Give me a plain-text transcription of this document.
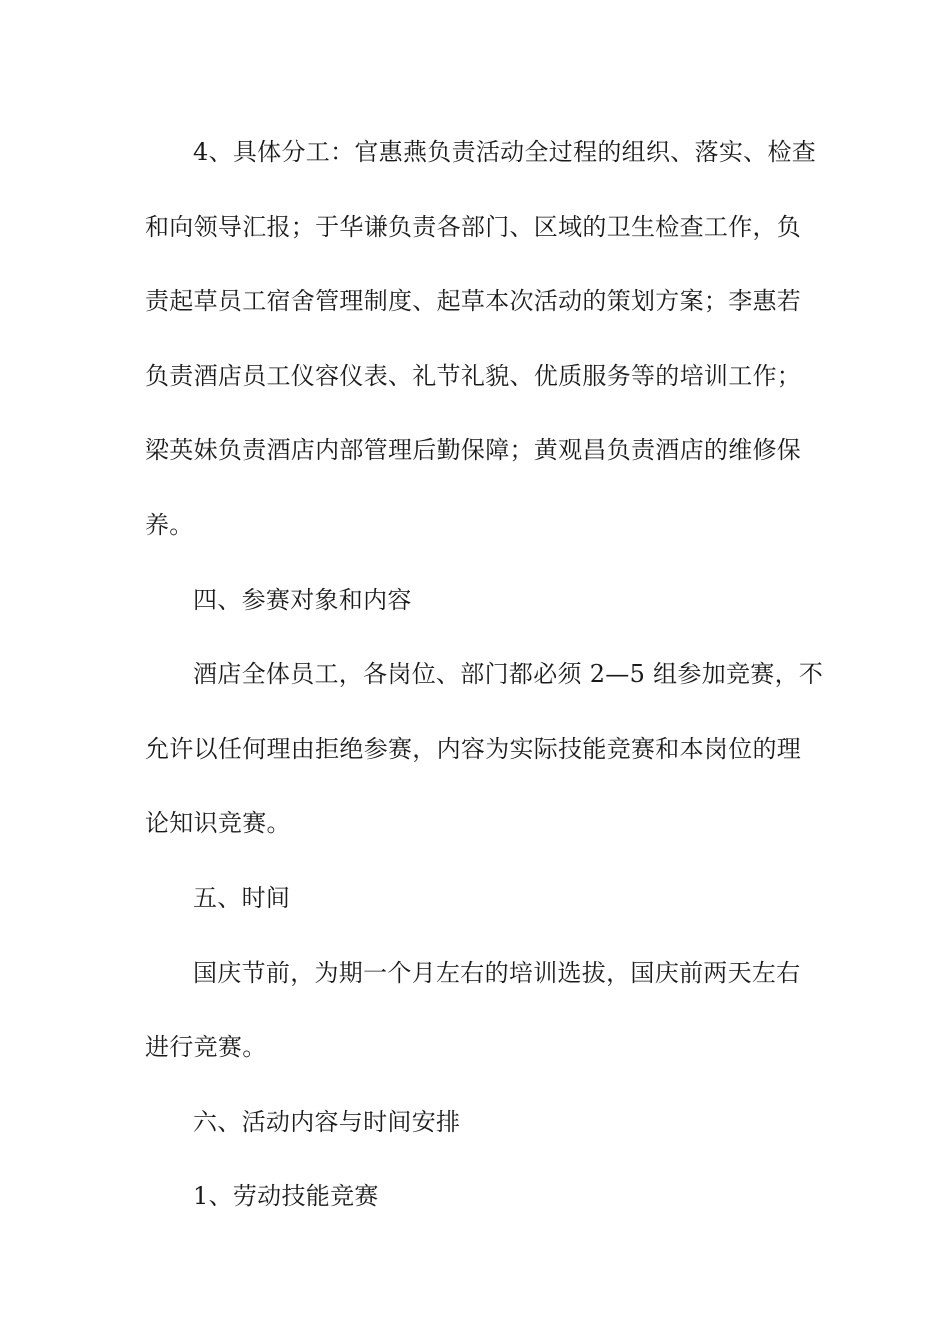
4、具体分工：官惠燕负责活动全过程的组织、落实、检查
和向领导汇报；于华谦负责各部门、区域的卫生检查工作，负
责起草员工宿舍管理制度、起草本次活动的策划方案；李惠若
负责酒店员工仪容仪表、礼节礼貌、优质服务等的培训工作；
梁英妹负责酒店内部管理后勤保障；黄观昌负责酒店的维修保
养。
四、参赛对象和内容
酒店全体员工，各岗位、部门都必须 2—5 组参加竞赛，不
允许以任何理由拒绝参赛，内容为实际技能竞赛和本岗位的理
论知识竞赛。
五、时间
国庆节前，为期一个月左右的培训选拔，国庆前两天左右
进行竞赛。
六、活动内容与时间安排
1、劳动技能竞赛
